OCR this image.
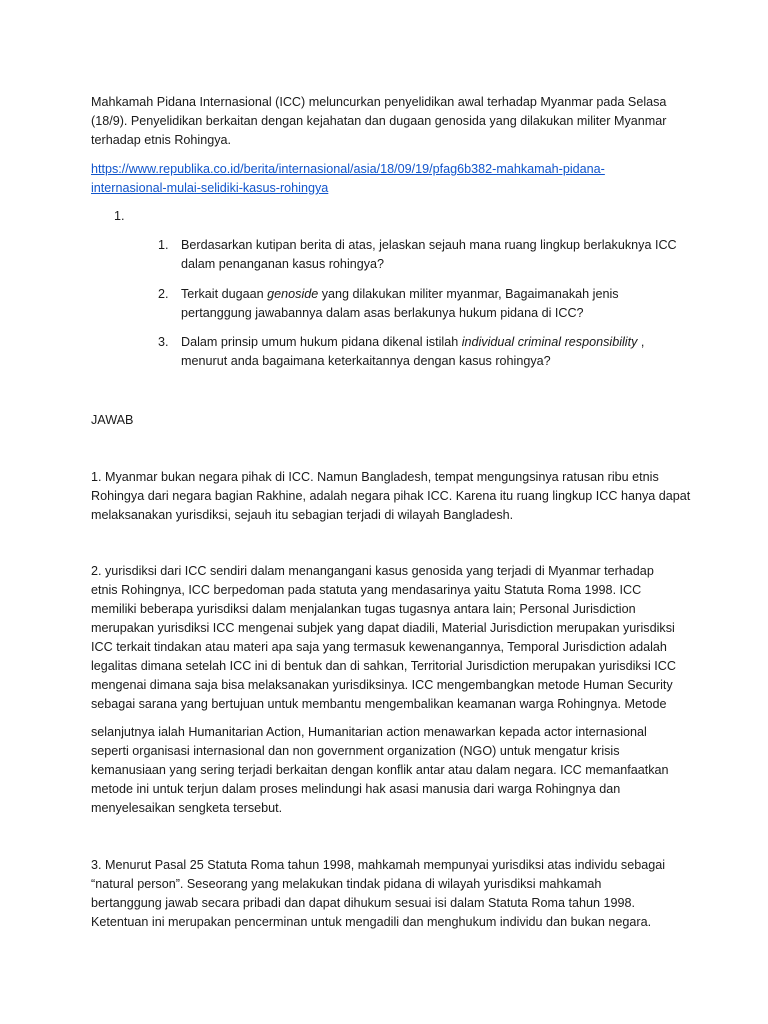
Mahkamah Pidana Internasional (ICC) meluncurkan penyelidikan awal terhadap Myanmar pada Selasa
(18/9). Penyelidikan berkaitan dengan kejahatan dan dugaan genosida yang dilakukan militer Myanmar
terhadap etnis Rohingya.
https://www.republika.co.id/berita/internasional/asia/18/09/19/pfag6b382-mahkamah-pidana-
internasional-mulai-selidiki-kasus-rohingya
1.
1. Berdasarkan kutipan berita di atas, jelaskan sejauh mana ruang lingkup berlakuknya ICC
dalam penanganan kasus rohingya?
2. Terkait dugaan genoside yang dilakukan militer myanmar, Bagaimanakah jenis
pertanggung jawabannya dalam asas berlakunya hukum pidana di ICC?
3. Dalam prinsip umum hukum pidana dikenal istilah individual criminal responsibility ,
menurut anda bagaimana keterkaitannya dengan kasus rohingya?
JAWAB
1. Myanmar bukan negara pihak di ICC. Namun Bangladesh, tempat mengungsinya ratusan ribu etnis
Rohingya dari negara bagian Rakhine, adalah negara pihak ICC. Karena itu ruang lingkup ICC hanya dapat
melaksanakan yurisdiksi, sejauh itu sebagian terjadi di wilayah Bangladesh.
2. yurisdiksi dari ICC sendiri dalam menangangani kasus genosida yang terjadi di Myanmar terhadap
etnis Rohingnya, ICC berpedoman pada statuta yang mendasarinya yaitu Statuta Roma 1998. ICC
memiliki beberapa yurisdiksi dalam menjalankan tugas tugasnya antara lain; Personal Jurisdiction
merupakan yurisdiksi ICC mengenai subjek yang dapat diadili, Material Jurisdiction merupakan yurisdiksi
ICC terkait tindakan atau materi apa saja yang termasuk kewenangannya, Temporal Jurisdiction adalah
legalitas dimana setelah ICC ini di bentuk dan di sahkan, Territorial Jurisdiction merupakan yurisdiksi ICC
mengenai dimana saja bisa melaksanakan yurisdiksinya. ICC mengembangkan metode Human Security
sebagai sarana yang bertujuan untuk membantu mengembalikan keamanan warga Rohingnya. Metode
selanjutnya ialah Humanitarian Action, Humanitarian action menawarkan kepada actor internasional
seperti organisasi internasional dan non government organization (NGO) untuk mengatur krisis
kemanusiaan yang sering terjadi berkaitan dengan konflik antar atau dalam negara. ICC memanfaatkan
metode ini untuk terjun dalam proses melindungi hak asasi manusia dari warga Rohingnya dan
menyelesaikan sengketa tersebut.
3. Menurut Pasal 25 Statuta Roma tahun 1998, mahkamah mempunyai yurisdiksi atas individu sebagai
“natural person”. Seseorang yang melakukan tindak pidana di wilayah yurisdiksi mahkamah
bertanggung jawab secara pribadi dan dapat dihukum sesuai isi dalam Statuta Roma tahun 1998.
Ketentuan ini merupakan pencerminan untuk mengadili dan menghukum individu dan bukan negara.
